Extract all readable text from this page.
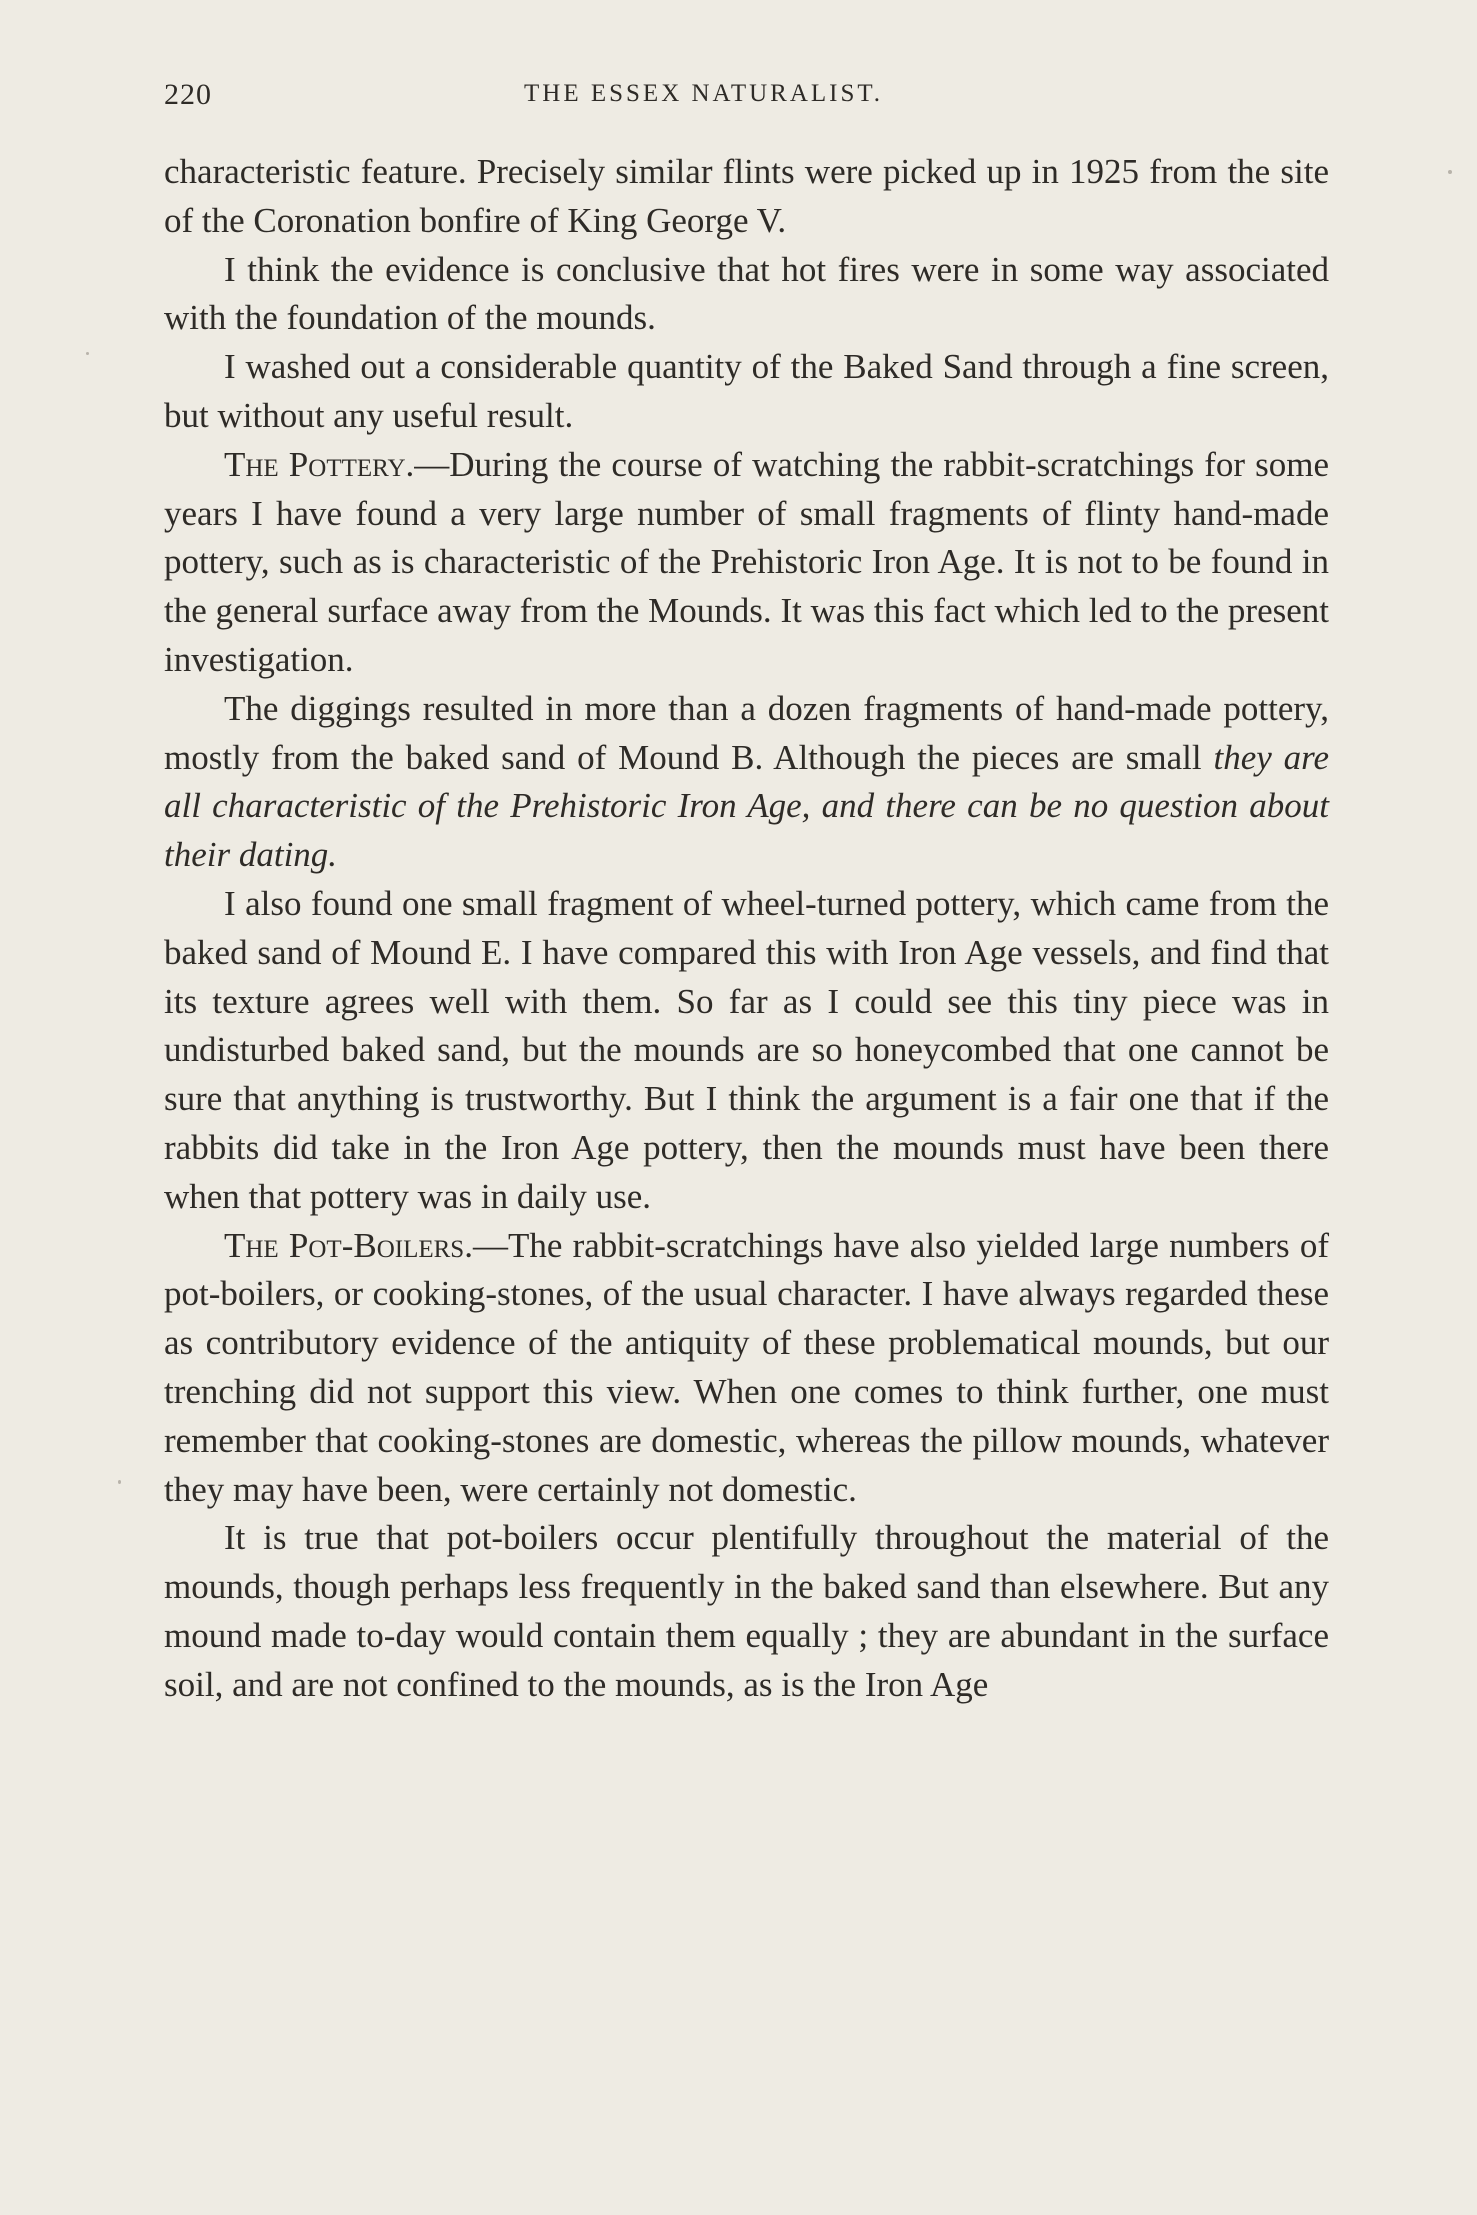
220	THE ESSEX NATURALIST.

characteristic feature. Precisely similar flints were picked up in 1925 from the site of the Coronation bonfire of King George V.

I think the evidence is conclusive that hot fires were in some way associated with the foundation of the mounds.

I washed out a considerable quantity of the Baked Sand through a fine screen, but without any useful result.

The Pottery.—During the course of watching the rabbit-scratchings for some years I have found a very large number of small fragments of flinty hand-made pottery, such as is characteristic of the Prehistoric Iron Age. It is not to be found in the general surface away from the Mounds. It was this fact which led to the present investigation.

The diggings resulted in more than a dozen fragments of hand-made pottery, mostly from the baked sand of Mound B. Although the pieces are small they are all characteristic of the Prehistoric Iron Age, and there can be no question about their dating.

I also found one small fragment of wheel-turned pottery, which came from the baked sand of Mound E. I have compared this with Iron Age vessels, and find that its texture agrees well with them. So far as I could see this tiny piece was in undisturbed baked sand, but the mounds are so honeycombed that one cannot be sure that anything is trustworthy. But I think the argument is a fair one that if the rabbits did take in the Iron Age pottery, then the mounds must have been there when that pottery was in daily use.

The Pot-Boilers.—The rabbit-scratchings have also yielded large numbers of pot-boilers, or cooking-stones, of the usual character. I have always regarded these as contributory evidence of the antiquity of these problematical mounds, but our trenching did not support this view. When one comes to think further, one must remember that cooking-stones are domestic, whereas the pillow mounds, whatever they may have been, were certainly not domestic.

It is true that pot-boilers occur plentifully throughout the material of the mounds, though perhaps less frequently in the baked sand than elsewhere. But any mound made to-day would contain them equally ; they are abundant in the surface soil, and are not confined to the mounds, as is the Iron Age
